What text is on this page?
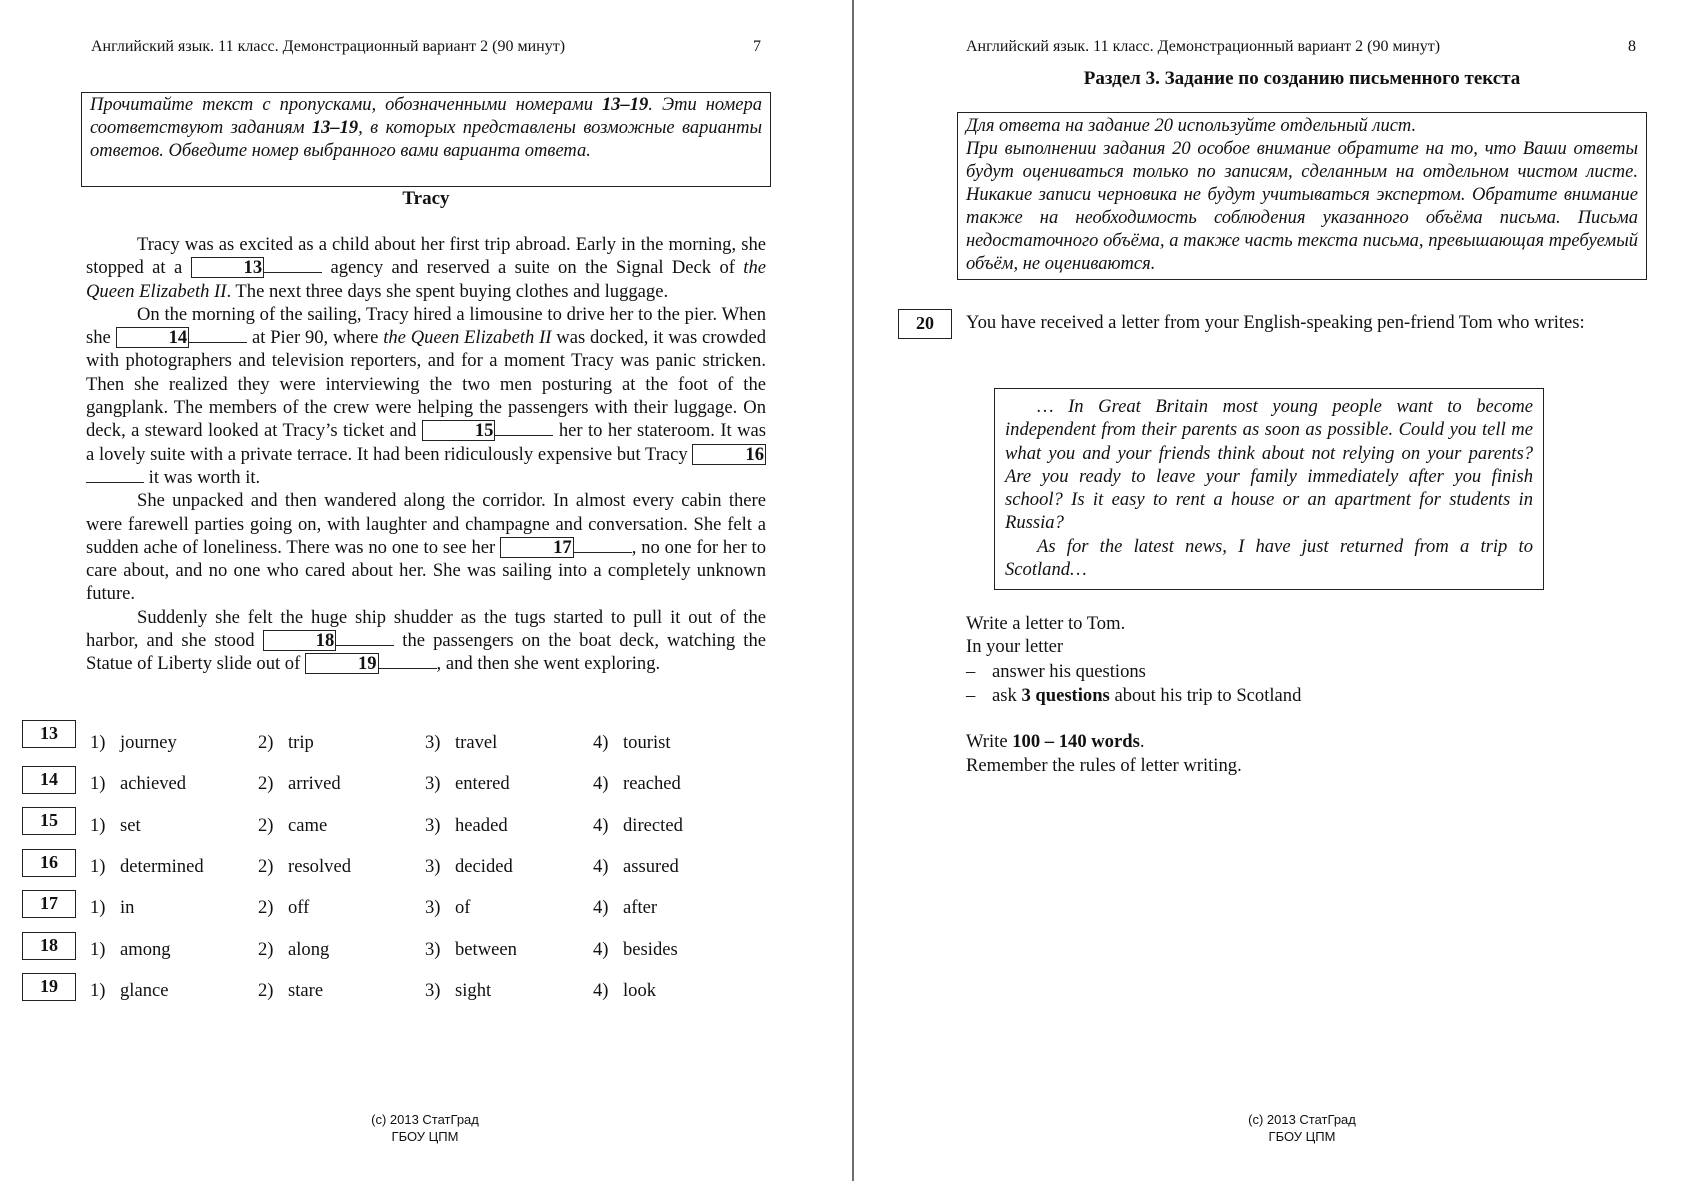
Английский язык. 11 класс. Демонстрационный вариант 2 (90 минут)	7
Прочитайте текст с пропусками, обозначенными номерами 13–19. Эти номера соответствуют заданиям 13–19, в которых представлены возможные варианты ответов. Обведите номер выбранного вами варианта ответа.
Tracy

Tracy was as excited as a child about her first trip abroad. Early in the morning, she stopped at a	13	agency and reserved a suite on the Signal Deck of the Queen Elizabeth II. The next three days she spent buying clothes and luggage.

On the morning of the sailing, Tracy hired a limousine to drive her to the pier. When she	14	at Pier 90, where the Queen Elizabeth II was docked, it was crowded with photographers and television reporters, and for a moment Tracy was panic stricken. Then she realized they were interviewing the two men posturing at the foot of the gangplank. The members of the crew were helping the passengers with their luggage. On deck, a steward looked at Tracy’s ticket and	15	her to her stateroom. It was a lovely suite with a private terrace. It had been ridiculously expensive but Tracy	16 it was worth it.

She unpacked and then wandered along the corridor. In almost every cabin there were farewell parties going on, with laughter and champagne and conversation. She felt a sudden ache of loneliness. There was no one to see her	17	, no one for her to care about, and no one who cared about her. She was sailing into a completely unknown future.

Suddenly she felt the huge ship shudder as the tugs started to pull it out of the harbor, and she stood	18	the passengers on the boat deck, watching the Statue of Liberty slide out of	19	, and then she went exploring.

13	1) journey	2) trip	3) travel	4) tourist
14	1) achieved	2) arrived	3) entered	4) reached
15	1) set	2) came	3) headed	4) directed
16	1) determined	2) resolved	3) decided	4) assured
17	1) in	2) off	3) of	4) after
18	1) among	2) along	3) between	4) besides
19	1) glance	2) stare	3) sight	4) look
(c) 2013 СтатГрад
ГБОУ ЦПМ
Английский язык. 11 класс. Демонстрационный вариант 2 (90 минут)	8
Раздел 3. Задание по созданию письменного текста
Для ответа на задание 20 используйте отдельный лист.
При выполнении задания 20 особое внимание обратите на то, что Ваши ответы будут оцениваться только по записям, сделанным на отдельном чистом листе. Никакие записи черновика не будут учитываться экспертом. Обратите внимание также на необходимость соблюдения указанного объёма письма. Письма недостаточного объёма, а также часть текста письма, превышающая требуемый объём, не оцениваются.
20	You have received a letter from your English-speaking pen-friend Tom who writes:

… In Great Britain most young people want to become independent from their parents as soon as possible. Could you tell me what you and your friends think about not relying on your parents? Are you ready to leave your family immediately after you finish school? Is it easy to rent a house or an apartment for students in Russia?

As for the latest news, I have just returned from a trip to Scotland…

Write a letter to Tom.
In your letter
– answer his questions
– ask 3 questions about his trip to Scotland
Write 100 – 140 words.
Remember the rules of letter writing.
(c) 2013 СтатГрад
ГБОУ ЦПМ
